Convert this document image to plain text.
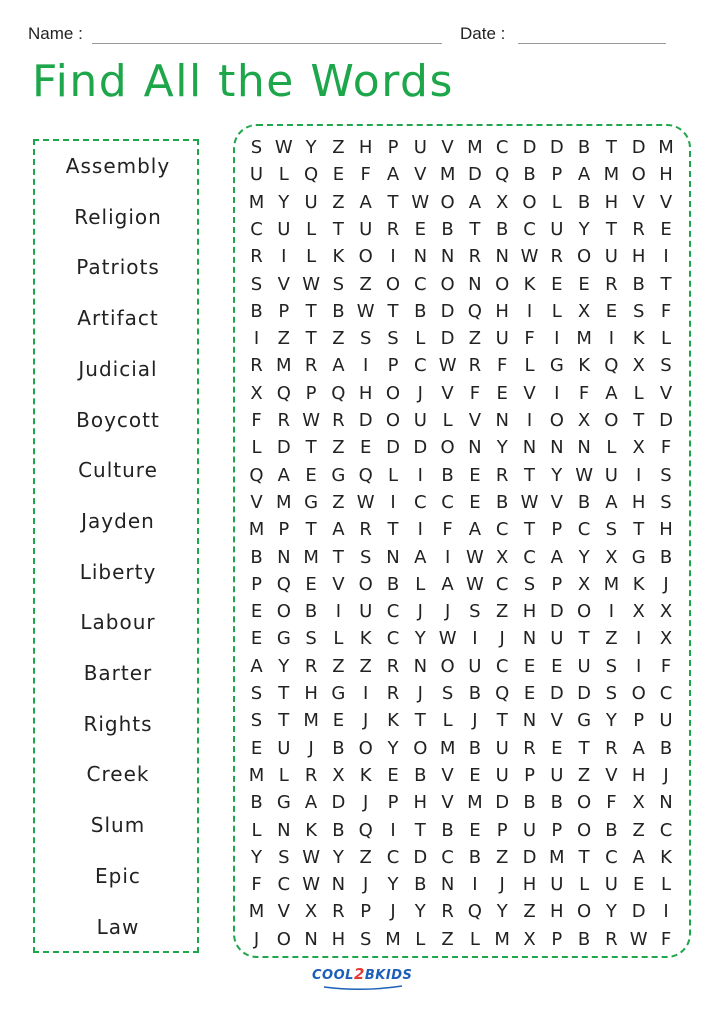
Name :	Date :
Find All the Words
Assembly
Religion
Patriots
Artifact
Judicial
Boycott
Culture
Jayden
Liberty
Labour
Barter
Rights
Creek
Slum
Epic
Law
S W Y Z H P U V M C D D B T D M
U L Q E F A V M D Q B P A M O H
M Y U Z A T W O A X O L B H V V
C U L T U R E B T B C U Y T R E
R	I	L K O I N N R N W R O U H I
S V W S Z O C O N O K E E R B T
B P T B W T B D Q H I	L X E S F
I	Z T Z S S L D Z U F	I M I	K L
R M R A	I	P C W R F L G K Q X S
X Q P Q H O J	V F E V	I	F A L V
F R W R D O U L V N I O X O T D
L D T Z E D D O N Y N N N L X F
Q A E G Q L	I	B E R T Y W U	I	S
V M G Z W I	C C E B W V B A H S
M P T A R T	I	F A C T P C S T H
B N M T S N A	I W X C A Y X G B
P Q E V O B L A W C S P X M K	J
E O B	I	U C	J	J	S Z H D O I	X X
E G S L K C Y W I	J N U T Z	I	X
A Y R Z Z R N O U C E E U S	I	F
S T H G I	R	J	S B Q E D D S O C
S T M E	J	K T L	J	T N V G Y P U
E U	J	B O Y O M B U R E T R A B
M L R X K E B V E U P U Z V H J
B G A D J	P H V M D B B O F X N
L N K B Q I	T B E P U P O B Z C
Y S W Y Z C D C B Z D M T C A K
F C W N J	Y B N I	J H U L U E L
M V X R P	J	Y R Q Y Z H O Y D I
J O N H S M L Z L M X P B R W F
COOL2BKIDS
